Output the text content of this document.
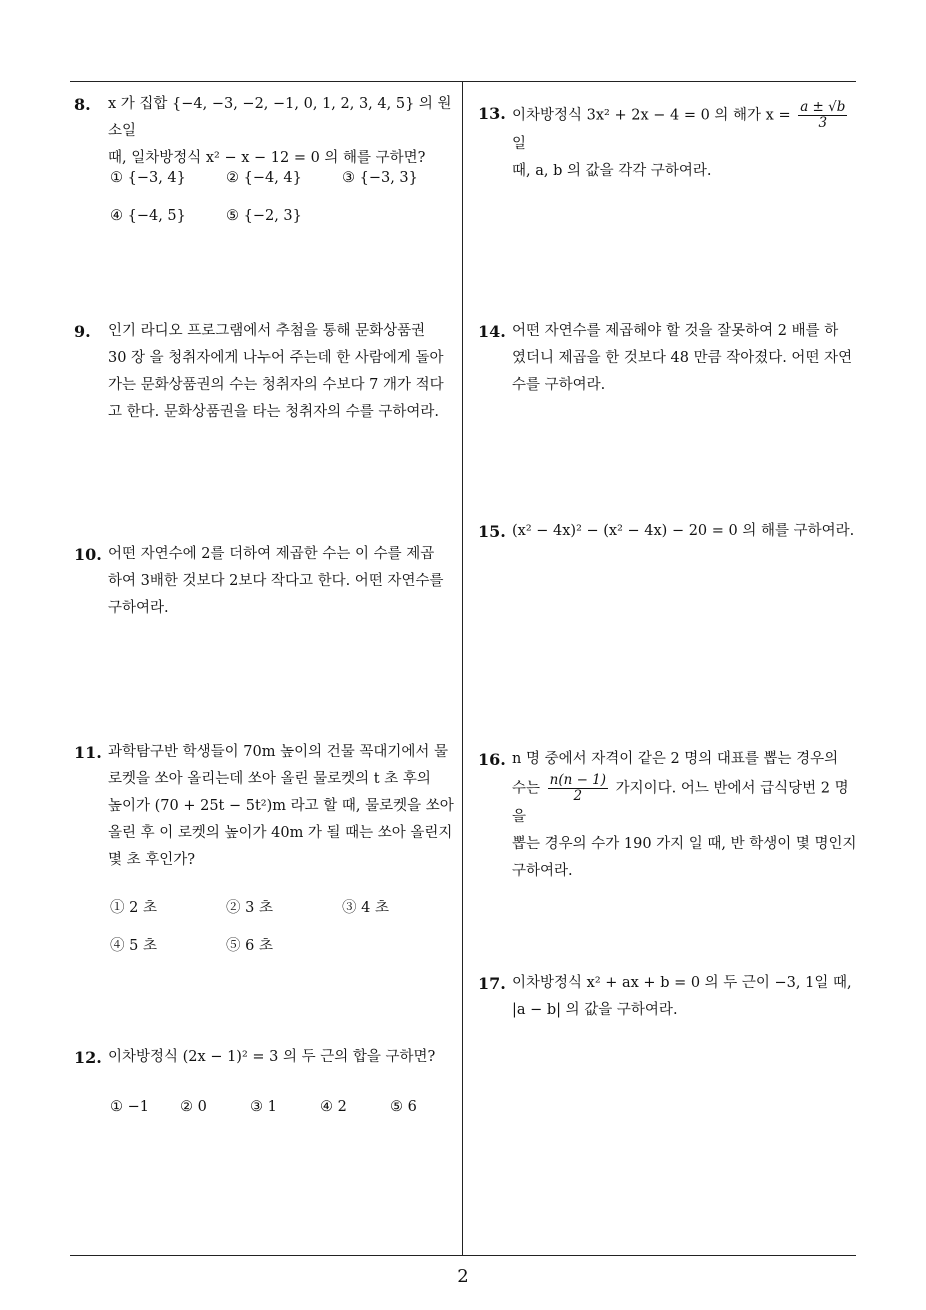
8. x 가 집합 {−4, −3, −2, −1, 0, 1, 2, 3, 4, 5} 의 원소일
때, 일차방정식 x² − x − 12 = 0 의 해를 구하면?
① {−3, 4}	② {−4, 4}	③ {−3, 3}
④ {−4, 5}	⑤ {−2, 3}
9. 인기 라디오 프로그램에서 추첨을 통해 문화상품권
30 장 을 청취자에게 나누어 주는데 한 사람에게 돌아
가는 문화상품권의 수는 청취자의 수보다 7 개가 적다
고 한다. 문화상품권을 타는 청취자의 수를 구하여라.
10. 어떤 자연수에 2를 더하여 제곱한 수는 이 수를 제곱
하여 3배한 것보다 2보다 작다고 한다. 어떤 자연수를
구하여라.
11. 과학탐구반 학생들이 70m 높이의 건물 꼭대기에서 물
로켓을 쏘아 올리는데 쏘아 올린 물로켓의 t 초 후의
높이가 (70 + 25t − 5t²)m 라고 할 때, 물로켓을 쏘아
올린 후 이 로켓의 높이가 40m 가 될 때는 쏘아 올린지
몇 초 후인가?
① 2 초	② 3 초	③ 4 초
④ 5 초	⑤ 6 초
12. 이차방정식 (2x − 1)² = 3 의 두 근의 합을 구하면?
① −1 ② 0	③ 1	④ 2	⑤ 6
13. 이차방정식 3x² + 2x − 4 = 0 의 해가 $x = \frac{a \pm √b}{3}$
일
때, a, b 의 값을 각각 구하여라.
14. 어떤 자연수를 제곱해야 할 것을 잘못하여 2 배를 하
였더니 제곱을 한 것보다 48 만큼 작아졌다. 어떤 자연
수를 구하여라.
15. (x² − 4x)² − (x² − 4x) − 20 = 0 의 해를 구하여라.
16. n 명 중에서 자격이 같은 2 명의 대표를 뽑는 경우의
수는 $\frac{n(n - 1)}{2}$ 가지이다. 어느 반에서 급식당번 2 명을
뽑는 경우의 수가 190 가지 일 때, 반 학생이 몇 명인지
구하여라.
17. 이차방정식 x² + ax + b = 0 의 두 근이 −3, 1일 때,
|a − b| 의 값을 구하여라.
2
